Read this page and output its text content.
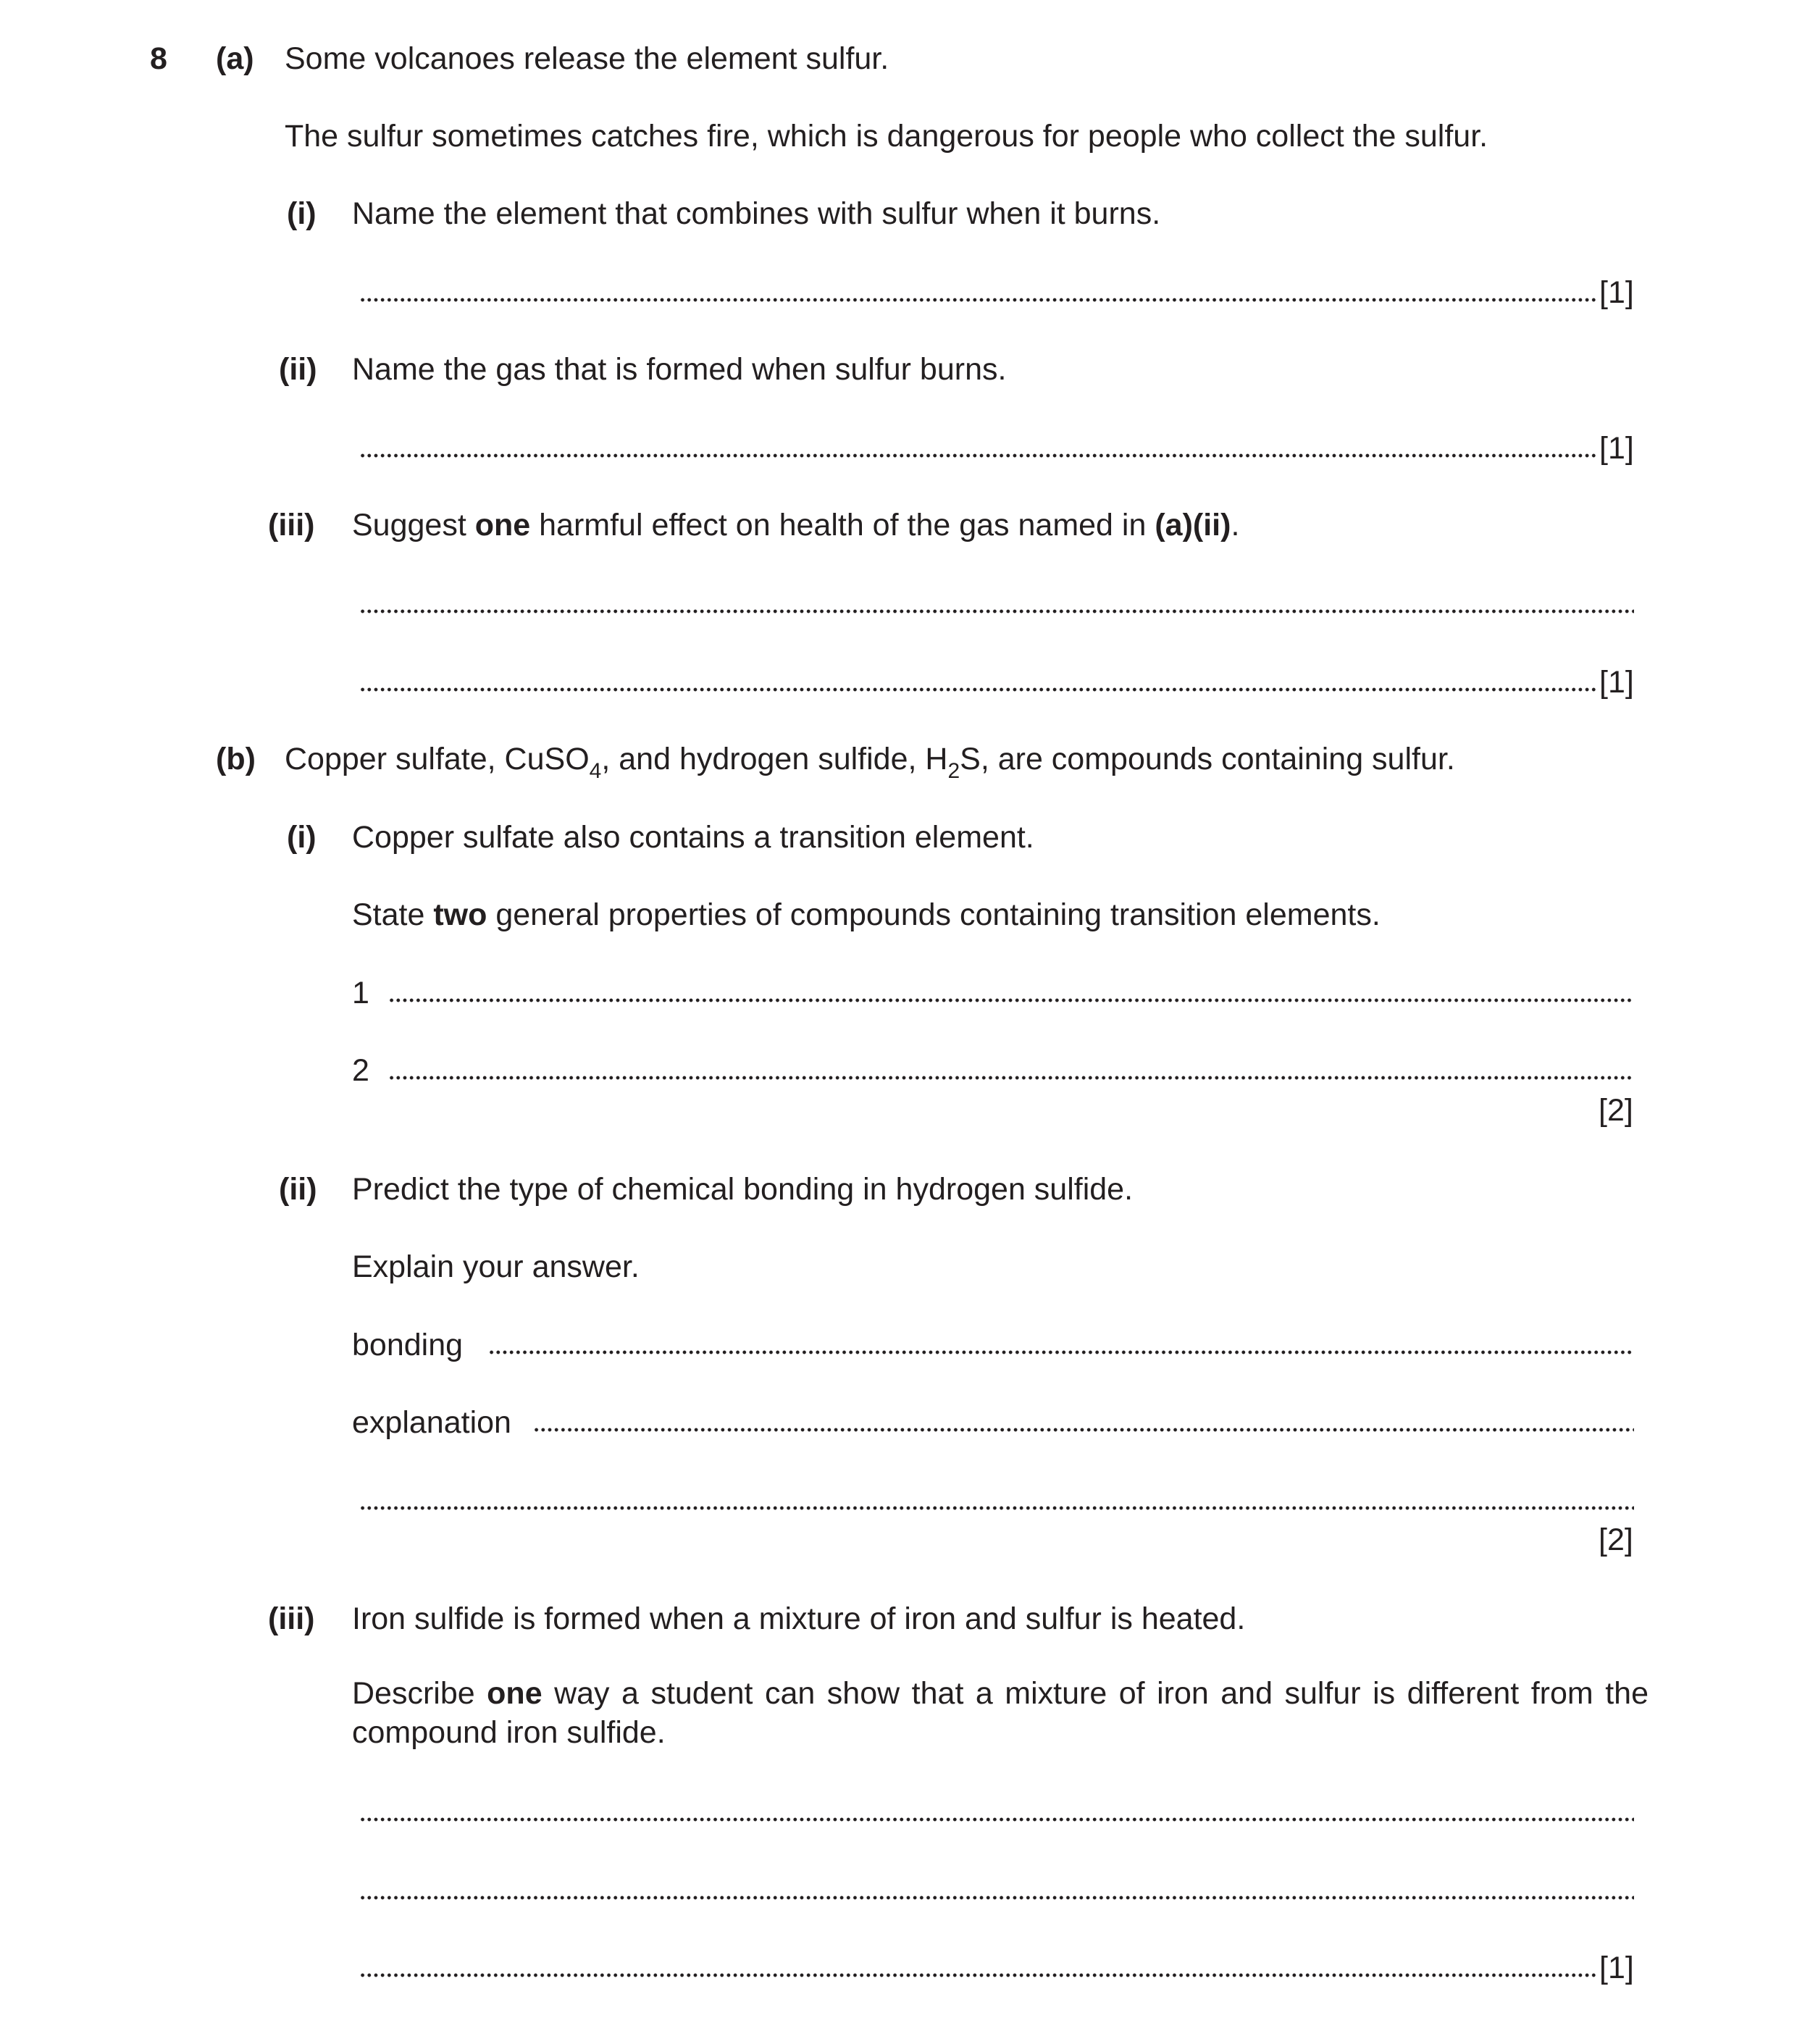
8 (a) Some volcanoes release the element sulfur.
The sulfur sometimes catches fire, which is dangerous for people who collect the sulfur.
(i) Name the element that combines with sulfur when it burns.
[1]
(ii) Name the gas that is formed when sulfur burns.
[1]
(iii) Suggest one harmful effect on health of the gas named in (a)(ii).
[1]
(b) Copper sulfate, CuSO$_4$, and hydrogen sulfide, $H_2S$, are compounds containing sulfur.
(i) Copper sulfate also contains a transition element.
State two general properties of compounds containing transition elements.
1
2
[2]
(ii) Predict the type of chemical bonding in hydrogen sulfide.
Explain your answer.
bonding
explanation
[2]
(iii) Iron sulfide is formed when a mixture of iron and sulfur is heated.
Describe one way a student can show that a mixture of iron and sulfur is different from the compound iron sulfide.
[1]
